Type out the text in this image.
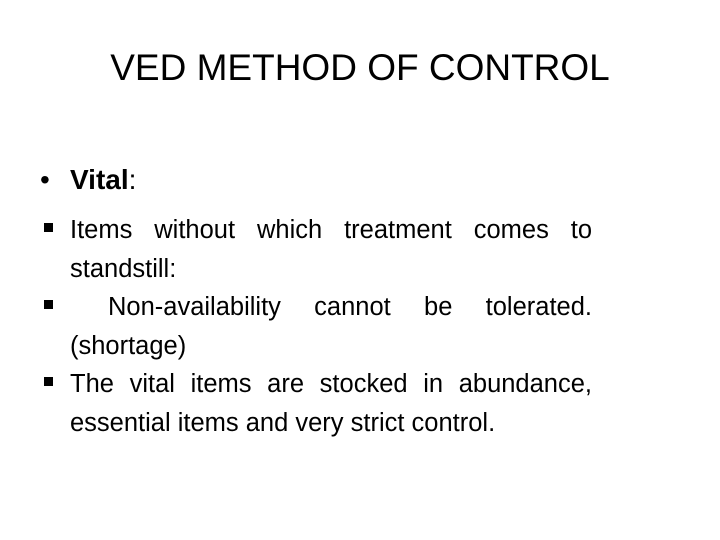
VED METHOD OF CONTROL
• Vital:
Items without which treatment comes to standstill:
Non-availability cannot be tolerated.(shortage)
The vital items are stocked in abundance, essential items and very strict control.
